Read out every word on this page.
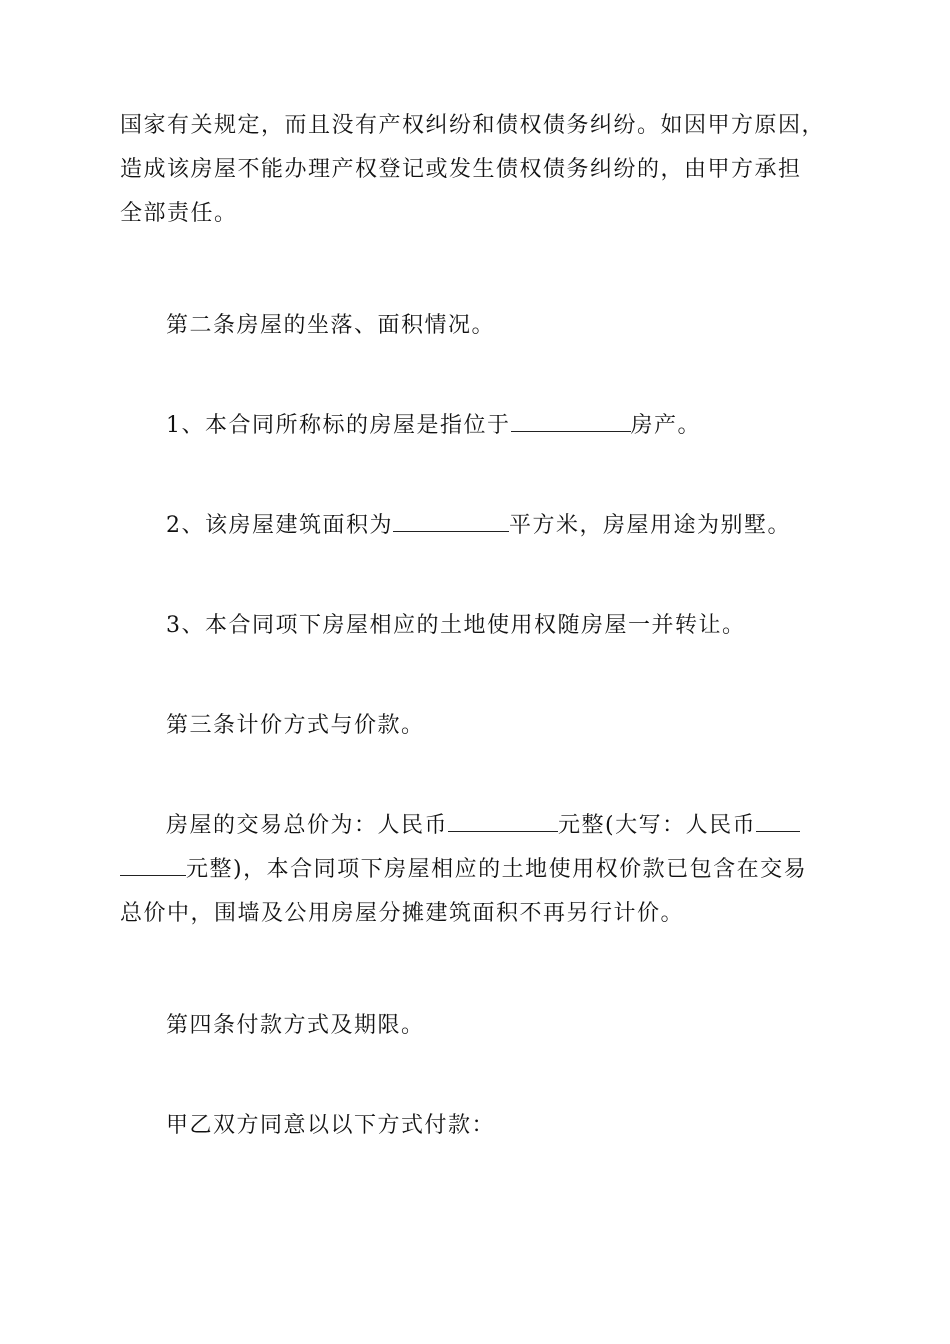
国家有关规定，而且没有产权纠纷和债权债务纠纷。如因甲方原因，
造成该房屋不能办理产权登记或发生债权债务纠纷的，由甲方承担
全部责任。
第二条房屋的坐落、面积情况。
1、本合同所称标的房屋是指位于	房产。
2、该房屋建筑面积为	平方米，房屋用途为别墅。
3、本合同项下房屋相应的土地使用权随房屋一并转让。
第三条计价方式与价款。
房屋的交易总价为：人民币	元整(大写：人民币
元整)，本合同项下房屋相应的土地使用权价款已包含在交易
总价中，围墙及公用房屋分摊建筑面积不再另行计价。
第四条付款方式及期限。
甲乙双方同意以以下方式付款：
